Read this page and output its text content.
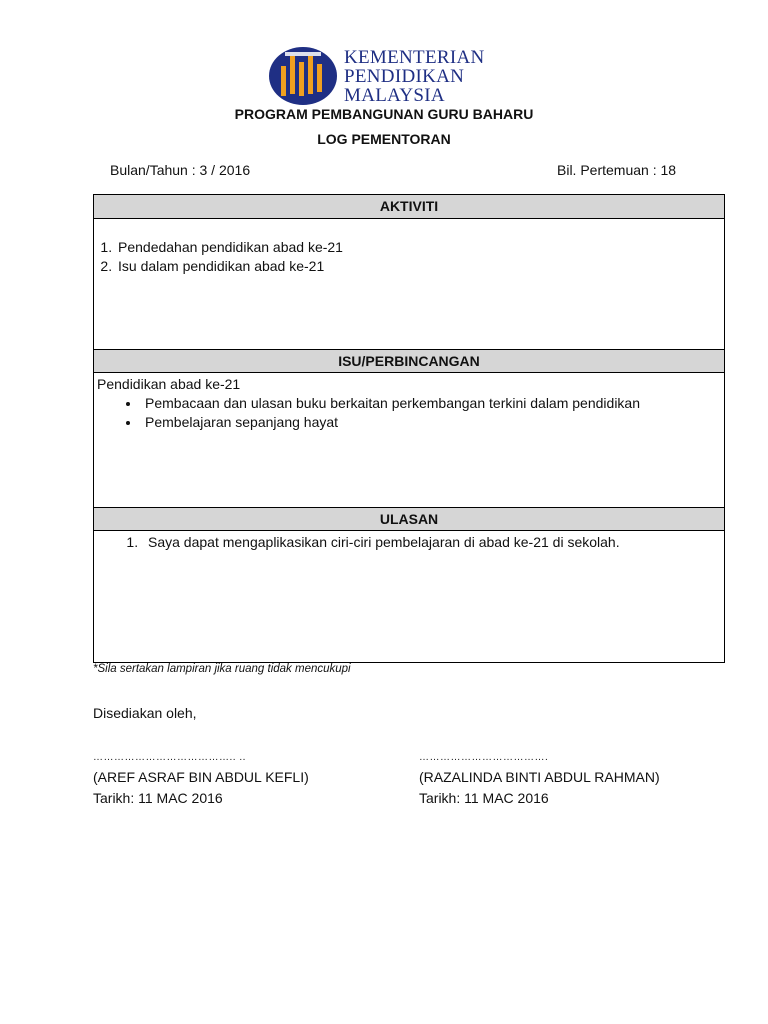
KEMENTERIAN
PENDIDIKAN
MALAYSIA
PROGRAM PEMBANGUNAN GURU BAHARU
LOG PEMENTORAN
Bulan/Tahun : 3 / 2016	Bil. Pertemuan : 18
AKTIVITI
1. Pendedahan pendidikan abad ke-21
2. Isu dalam pendidikan abad ke-21
ISU/PERBINCANGAN
Pendidikan abad ke-21
• Pembacaan dan ulasan buku berkaitan perkembangan terkini dalam pendidikan
• Pembelajaran sepanjang hayat
ULASAN
1. Saya dapat mengaplikasikan ciri-ciri pembelajaran di abad ke-21 di sekolah.
*Sila sertakan lampiran jika ruang tidak mencukupi
Disediakan oleh,
………………………………….. ..
(AREF ASRAF BIN ABDUL KEFLI)
Tarikh: 11 MAC 2016
……………………………….
(RAZALINDA BINTI ABDUL RAHMAN)
Tarikh: 11 MAC 2016
